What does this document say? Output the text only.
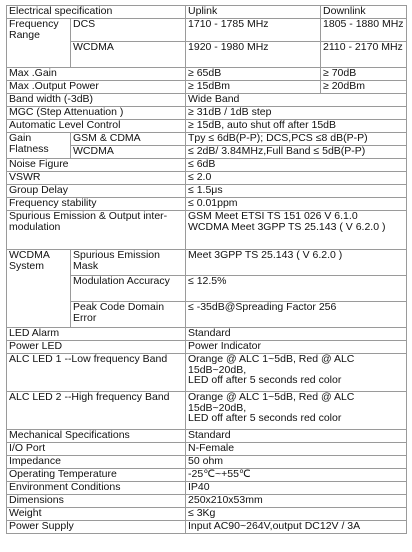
Electrical specification		Uplink	Downlink
Frequency Range	DCS	1710 - 1785 MHz	1805 - 1880 MHz
	WCDMA	1920 - 1980 MHz	2110 - 2170 MHz
Max .Gain		≥ 65dB	≥ 70dB
Max .Output Power		≥ 15dBm	≥ 20dBm
Band width (-3dB)		Wide Band	
MGC (Step Attenuation )		≥ 31dB / 1dB step	
Automatic Level Control		≥ 15dB, auto shut off after 15dB	
Gain Flatness	GSM & CDMA	Tpy ≤ 6dB(P-P); DCS,PCS ≤8 dB(P-P)	
	WCDMA	≤ 2dB/ 3.84MHz,Full Band ≤ 5dB(P-P)	
Noise Figure		≤ 6dB	
VSWR		≤ 2.0	
Group Delay		≤ 1.5μs	
Frequency stability		≤ 0.01ppm	
Spurious Emission & Output inter-modulation		GSM Meet ETSI TS 151 026 V 6.1.0
WCDMA Meet 3GPP TS 25.143 ( V 6.2.0 )	

WCDMA System	Spurious Emission Mask	Meet 3GPP TS 25.143 ( V 6.2.0 )	
	Modulation Accuracy	≤ 12.5%	
	Peak Code Domain Error	≤ -35dB@Spreading Factor 256	
LED Alarm		Standard	
Power LED		Power Indicator	
ALC LED 1 --Low frequency Band		Orange @ ALC 1~5dB, Red @ ALC 15dB~20dB,
LED off after 5 seconds red color	
ALC LED 2 --High frequency Band		Orange @ ALC 1~5dB, Red @ ALC 15dB~20dB,
LED off after 5 seconds red color	
Mechanical Specifications		Standard	
I/O Port		N-Female	
Impedance		50 ohm	
Operating Temperature		-25℃~+55℃	
Environment Conditions		IP40	
Dimensions		250x210x53mm	
Weight		≤ 3Kg	
Power Supply		Input AC90~264V,output DC12V / 3A	
